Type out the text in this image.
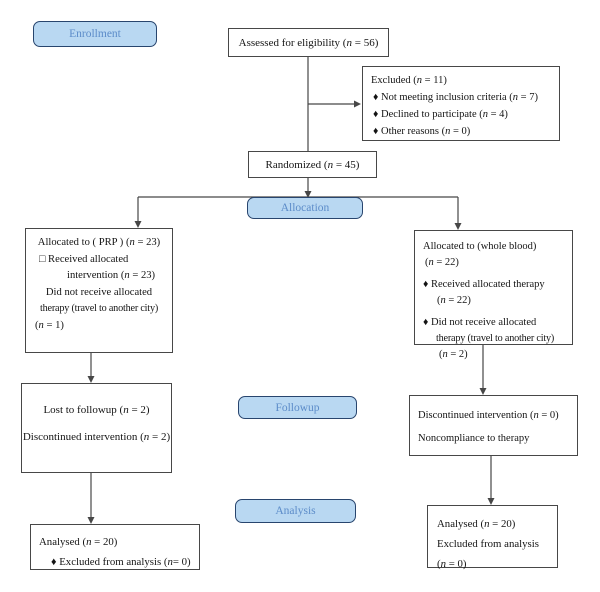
Enrollment
Allocation
Followup
Analysis
Assessed for eligibility (n = 56)
Excluded (n = 11)
♦ Not meeting inclusion criteria (n = 7)
♦ Declined to participate (n = 4)
♦ Other reasons (n = 0)
Randomized (n = 45)
Allocated to ( PRP ) (n = 23)
□ Received allocated
intervention (n = 23)
Did not receive allocated
therapy (travel to another city)
(n = 1)
Allocated to (whole blood)
(n = 22)
♦ Received allocated therapy
(n = 22)
♦ Did not receive allocated
therapy (travel to another city)
(n = 2)
Lost to followup (n = 2)
Discontinued intervention (n = 2)
Discontinued intervention (n = 0)
Noncompliance to therapy
Analysed (n = 20)
♦ Excluded from analysis (n= 0)
Analysed (n = 20)
Excluded from analysis
(n = 0)
